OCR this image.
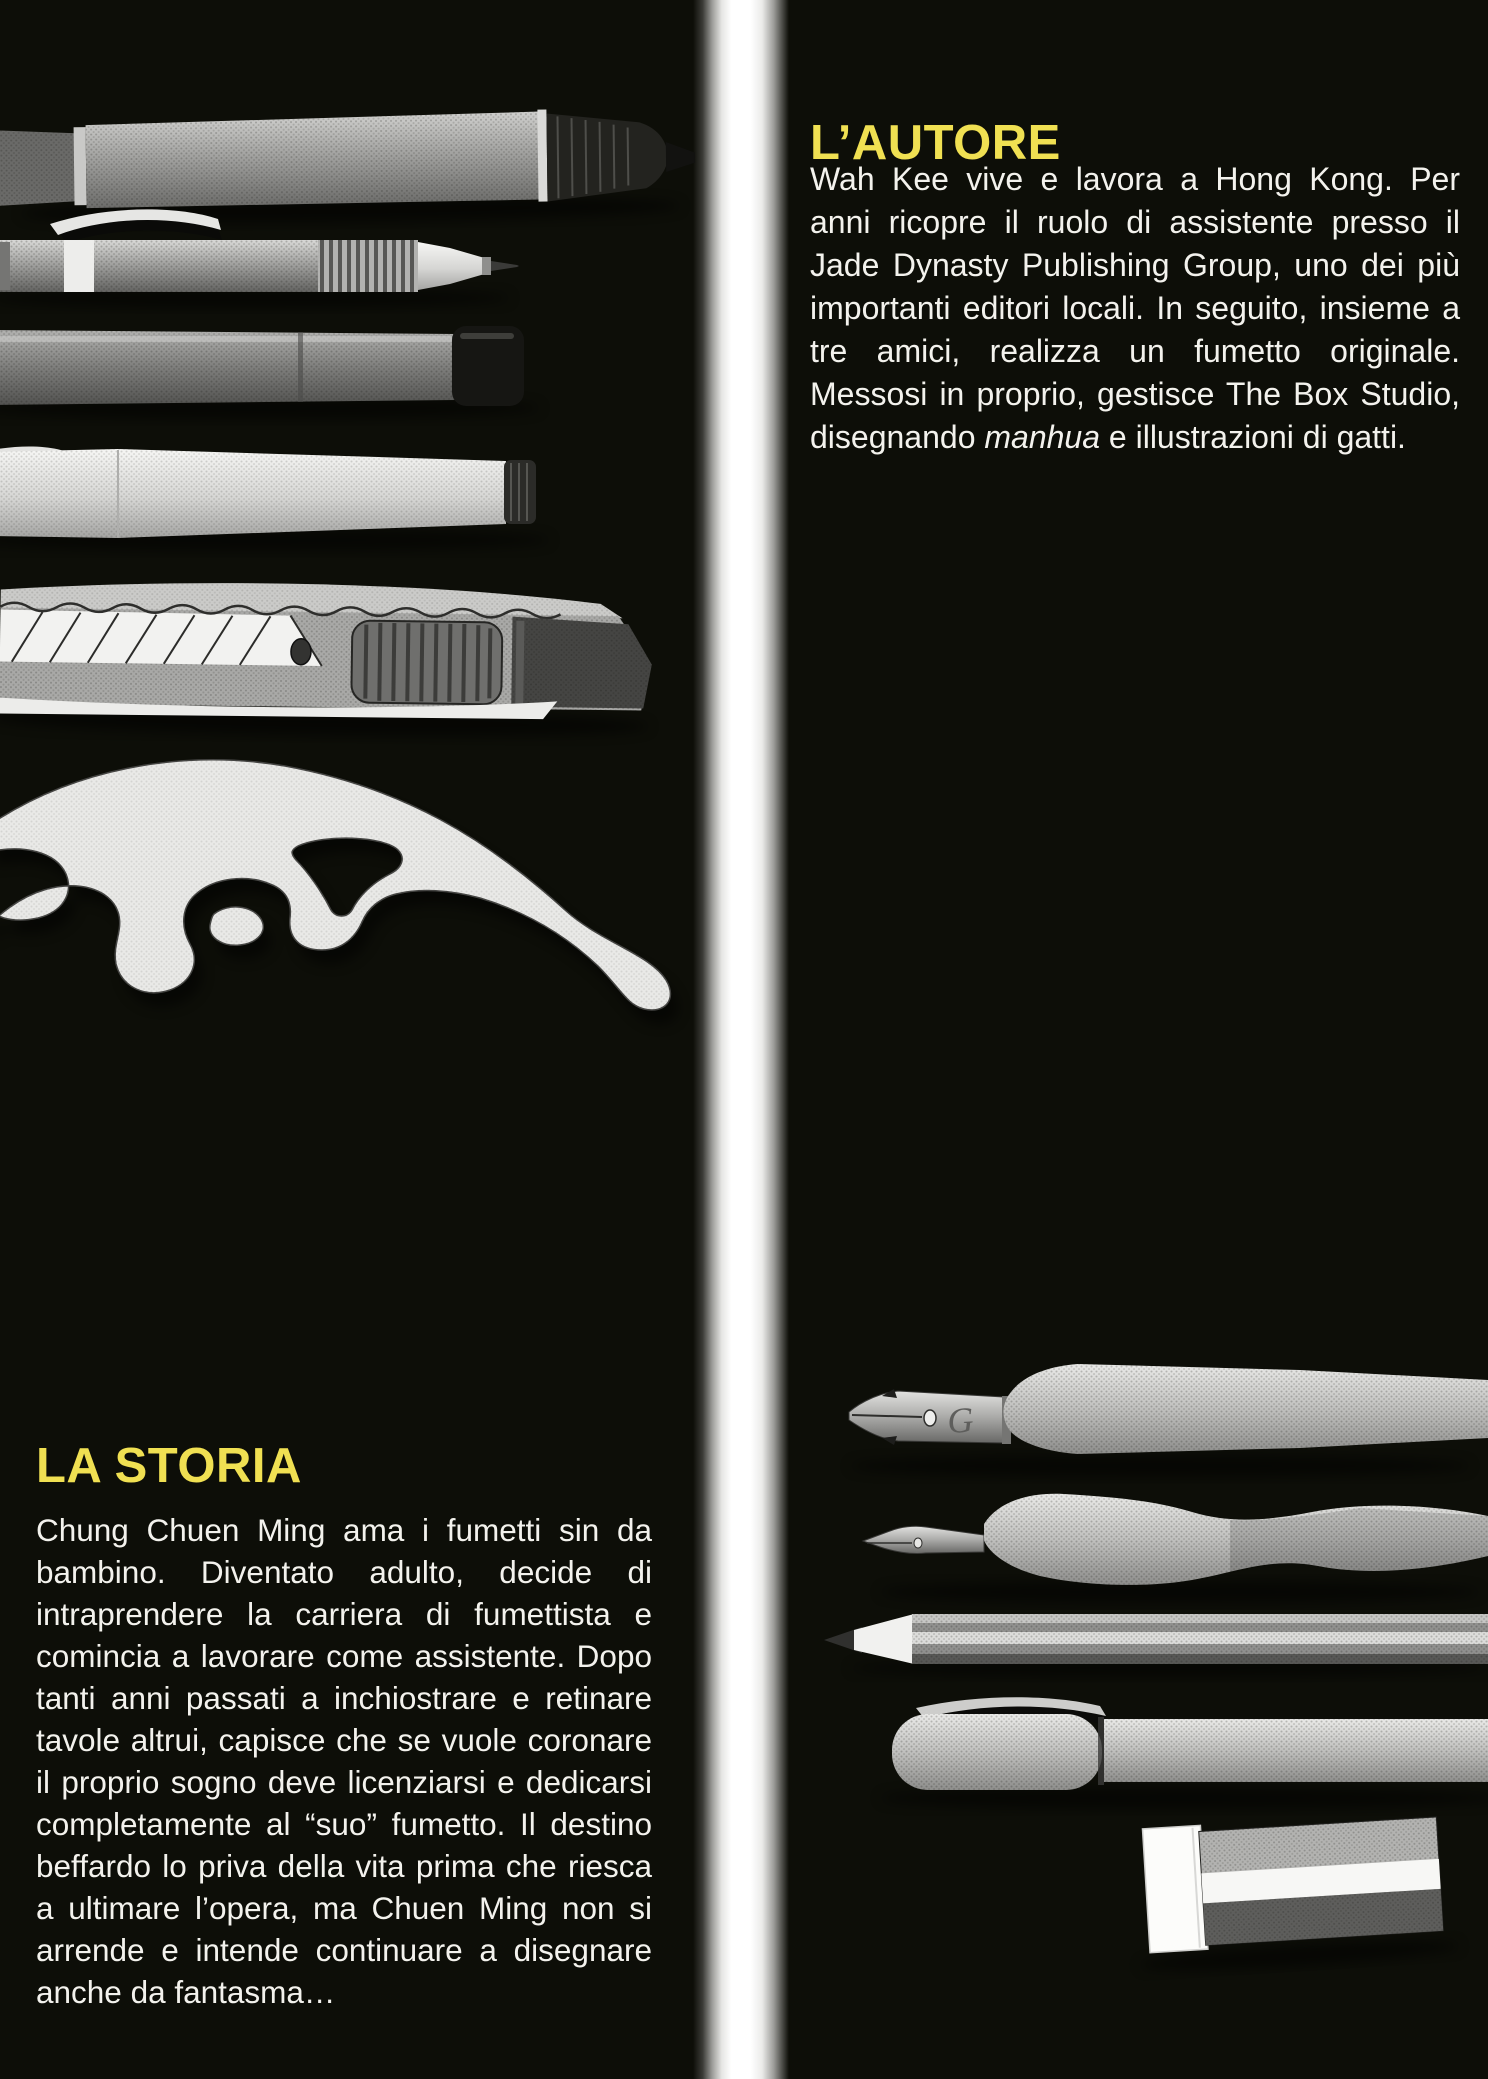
G
L’AUTORE

Wah Kee vive e lavora a Hong Kong. Per anni ricopre il ruolo di assistente presso il Jade Dynasty Publishing Group, uno dei più importanti editori locali. In seguito, insieme a tre amici, realizza un fumetto originale. Messosi in proprio, gestisce The Box Studio, disegnando manhua e illustrazioni di gatti.

LA STORIA

Chung Chuen Ming ama i fumetti sin da bambino. Diventato adulto, decide di intraprendere la carriera di fumettista e comincia a lavorare come assistente. Dopo tanti anni passati a inchiostrare e retinare tavole altrui, capisce che se vuole coronare il proprio sogno deve licenziarsi e dedicarsi completamente al “suo” fumetto. Il destino beffardo lo priva della vita prima che riesca a ultimare l’opera, ma Chuen Ming non si arrende e intende continuare a disegnare anche da fantasma…
